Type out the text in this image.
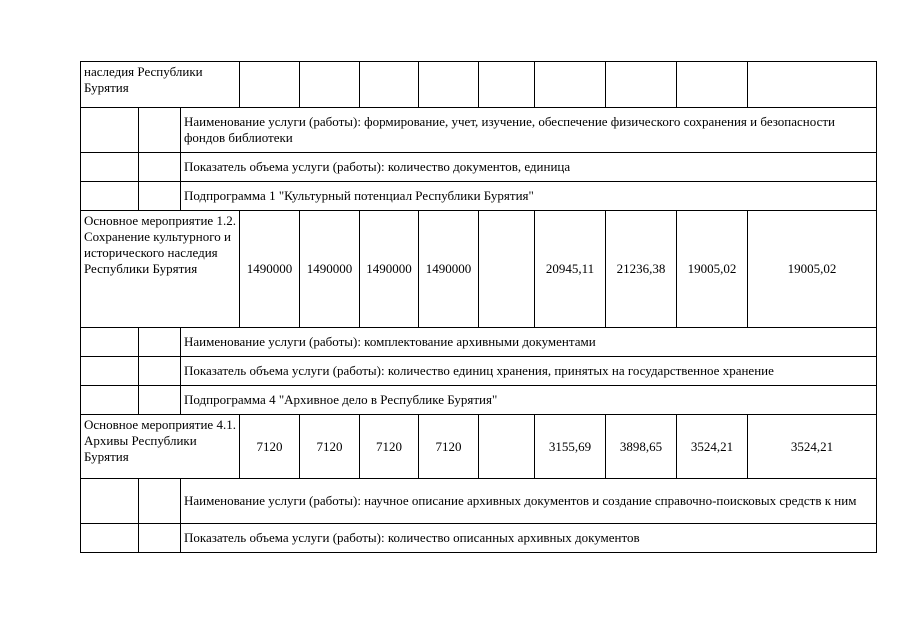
наследия Республики Бурятия											
		Наименование услуги (работы): формирование, учет, изучение, обеспечение физического сохранения и безопасности фондов библиотеки									
		Показатель объема услуги (работы): количество документов, единица									
		Подпрограмма 1 "Культурный потенциал Республики Бурятия"									
Основное мероприятие 1.2. Сохранение культурного и исторического наследия Республики Бурятия			1490000	1490000	1490000	1490000		20945,11	21236,38	19005,02	19005,02
		Наименование услуги (работы): комплектование архивными документами									
		Показатель объема услуги (работы): количество единиц хранения, принятых на государственное хранение									
		Подпрограмма 4 "Архивное дело в Республике Бурятия"									
Основное мероприятие 4.1. Архивы Республики Бурятия			7120	7120	7120	7120		3155,69	3898,65	3524,21	3524,21
		Наименование услуги (работы): научное описание архивных документов и создание справочно-поисковых средств к ним									
		Показатель объема услуги (работы): количество описанных архивных документов									
